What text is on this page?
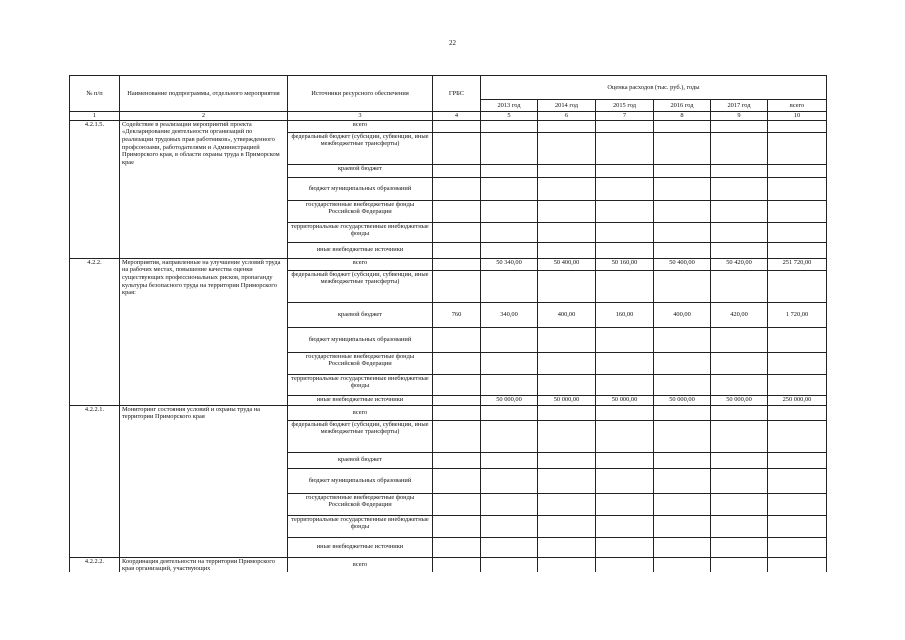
22
№ п/п	Наименование подпрограммы, отдельного мероприятия	Источники ресурсного обеспечения	ГРБС	Оценка расходов (тыс. руб.), годы					
				2013 год	2014 год	2015 год	2016 год	2017 год	всего
1	2	3	4	5	6	7	8	9	10
4.2.1.5.	Содействие в реализации мероприятий проекта «Декларирование деятельности организаций по реализации трудовых прав работников», утвержденного профсоюзами, работодателями и Администрацией Приморского края, в области охраны труда в Приморском крае	всего							
		федеральный бюджет (субсидии, субвенции, иные межбюджетные трансферты)							
		краевой бюджет							
		бюджет муниципальных образований							
		государственные внебюджетные фонды Российской Федерации							
		территориальные государственные внебюджетные фонды							
		иные внебюджетные источники							
4.2.2.	Мероприятия, направленные на улучшение условий труда на рабочих местах, повышение качества оценки существующих профессиональных рисков, пропаганду культуры безопасного труда на территории Приморского края:	всего		50 340,00	50 400,00	50 160,00	50 400,00	50 420,00	251 720,00
		федеральный бюджет (субсидии, субвенции, иные межбюджетные трансферты)							
		краевой бюджет	760	340,00	400,00	160,00	400,00	420,00	1 720,00
		бюджет муниципальных образований							
		государственные внебюджетные фонды Российской Федерации							
		территориальные государственные внебюджетные фонды							
		иные внебюджетные источники		50 000,00	50 000,00	50 000,00	50 000,00	50 000,00	250 000,00
4.2.2.1.	Мониторинг состояния условий и охраны труда на территории Приморского края	всего							
		федеральный бюджет (субсидии, субвенции, иные межбюджетные трансферты)							
		краевой бюджет							
		бюджет муниципальных образований							
		государственные внебюджетные фонды Российской Федерации							
		территориальные государственные внебюджетные фонды							
		иные внебюджетные источники							
4.2.2.2.	Координация деятельности на территории Приморского края организаций, участвующих	всего							
